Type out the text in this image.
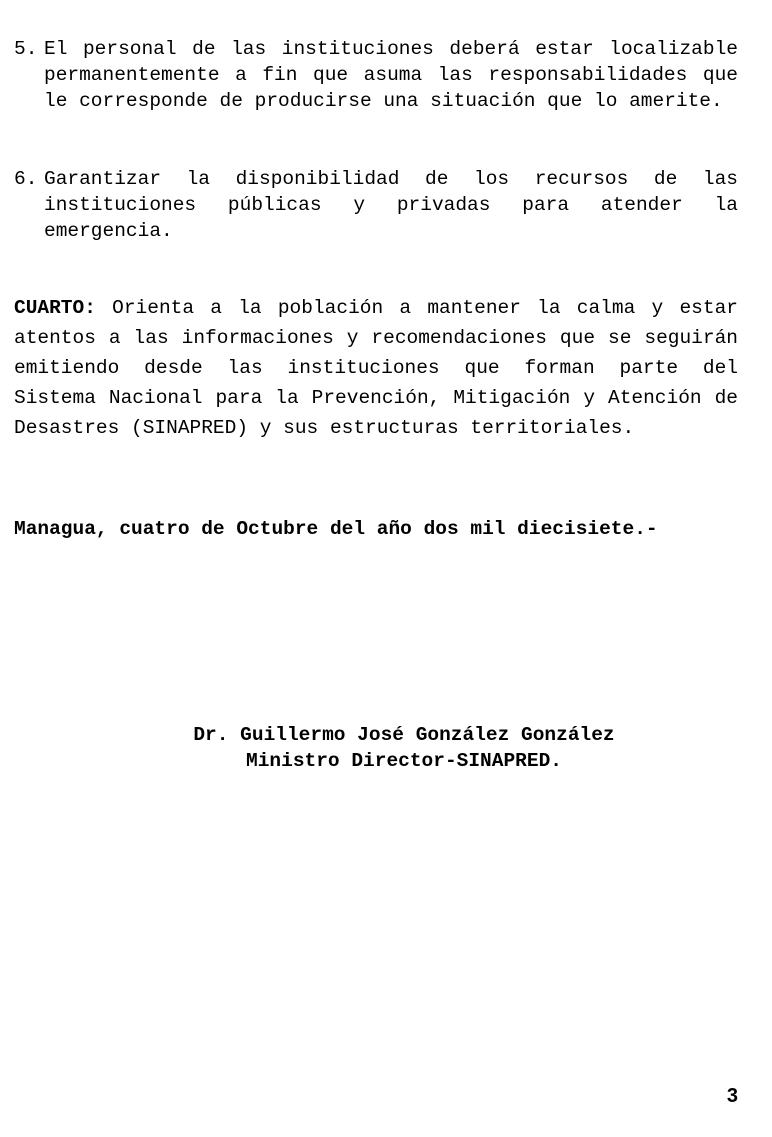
5. El personal de las instituciones deberá estar localizable permanentemente a fin que asuma las responsabilidades que le corresponde de producirse una situación que lo amerite.
6. Garantizar la disponibilidad de los recursos de las instituciones públicas y privadas para atender la emergencia.
CUARTO: Orienta a la población a mantener la calma y estar atentos a las informaciones y recomendaciones que se seguirán emitiendo desde las instituciones que forman parte del Sistema Nacional para la Prevención, Mitigación y Atención de Desastres (SINAPRED) y sus estructuras territoriales.
Managua, cuatro de Octubre del año dos mil diecisiete.-
Dr. Guillermo José González González
Ministro Director-SINAPRED.
3
